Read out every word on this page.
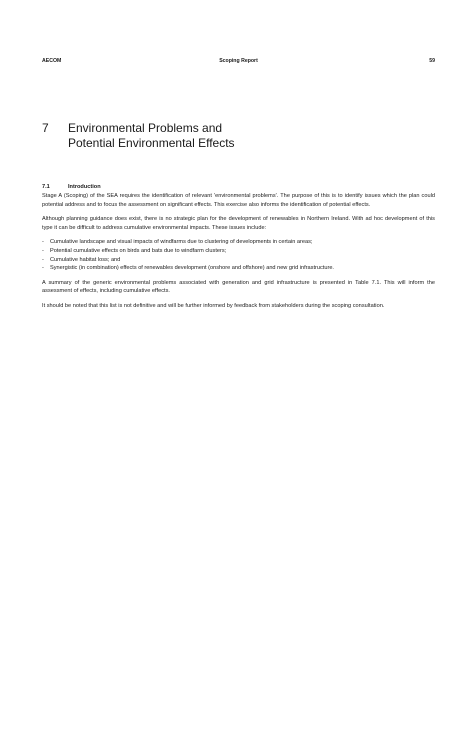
AECOM	Scoping Report	59
7 Environmental Problems and
Potential Environmental Effects
7.1	Introduction

Stage A (Scoping) of the SEA requires the identification of relevant 'environmental problems'. The purpose of this is to identify issues which the plan could potential address and to focus the assessment on significant effects. This exercise also informs the identification of potential effects.

Although planning guidance does exist, there is no strategic plan for the development of renewables in Northern Ireland. With ad hoc development of this type it can be difficult to address cumulative environmental impacts. These issues include:

- Cumulative landscape and visual impacts of windfarms due to clustering of developments in certain areas;
- Potential cumulative effects on birds and bats due to windfarm clusters;
- Cumulative habitat loss; and
- Synergistic (in combination) effects of renewables development (onshore and offshore) and new grid infrastructure.

A summary of the generic environmental problems associated with generation and grid infrastructure is presented in Table 7.1. This will inform the assessment of effects, including cumulative effects.

It should be noted that this list is not definitive and will be further informed by feedback from stakeholders during the scoping consultation.
